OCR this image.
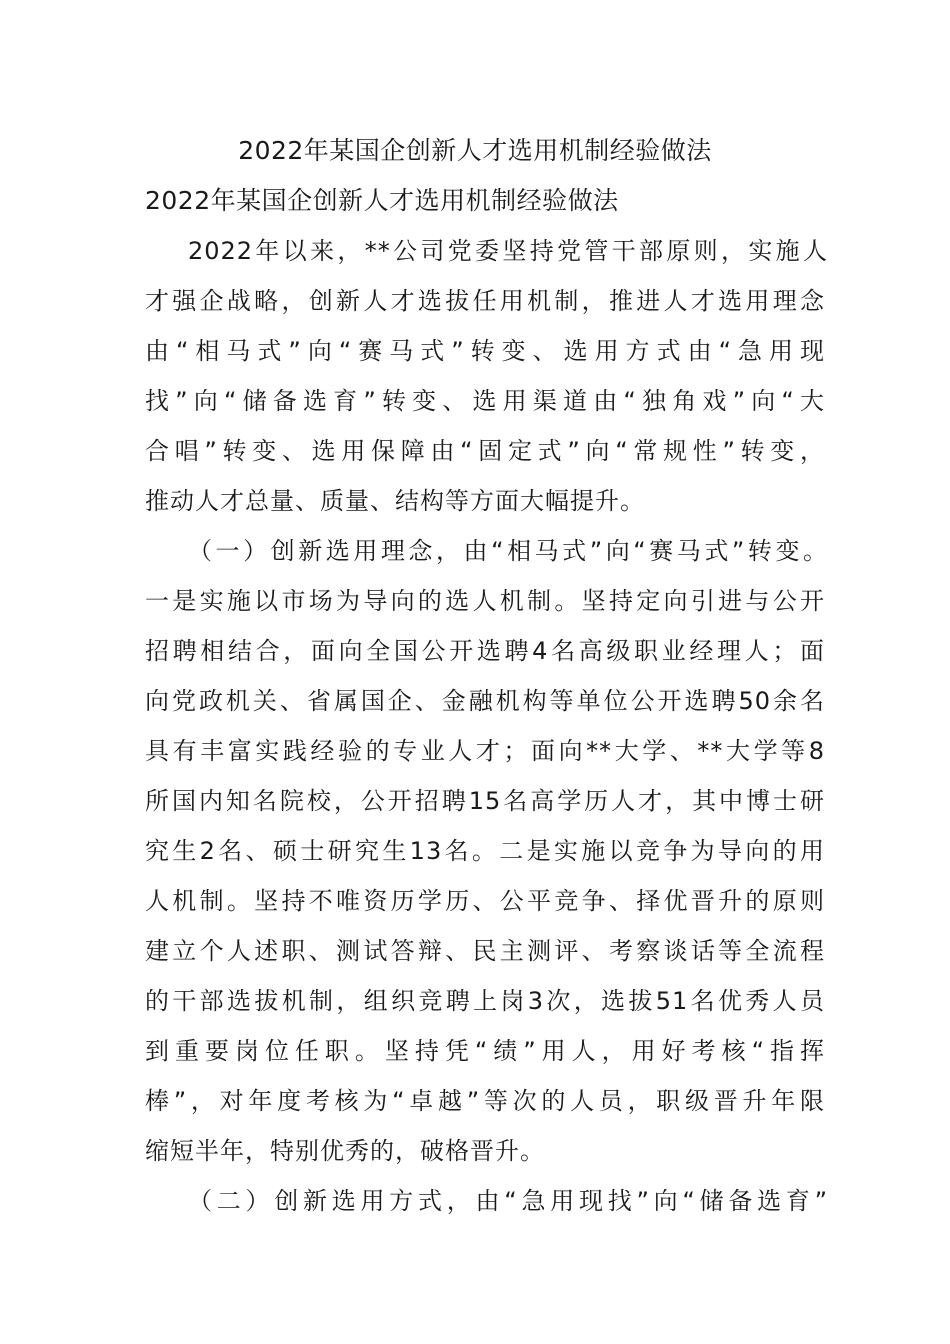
2022年某国企创新人才选用机制经验做法
2022年某国企创新人才选用机制经验做法
2022年以来，**公司党委坚持党管干部原则，实施人
才强企战略，创新人才选拔任用机制，推进人才选用理念
由“相马式”向“赛马式”转变、选用方式由“急用现
找”向“储备选育”转变、选用渠道由“独角戏”向“大
合唱”转变、选用保障由“固定式”向“常规性”转变，
推动人才总量、质量、结构等方面大幅提升。
（一）创新选用理念，由“相马式”向“赛马式”转变。
一是实施以市场为导向的选人机制。坚持定向引进与公开
招聘相结合，面向全国公开选聘4名高级职业经理人；面
向党政机关、省属国企、金融机构等单位公开选聘50余名
具有丰富实践经验的专业人才；面向**大学、**大学等8
所国内知名院校，公开招聘15名高学历人才，其中博士研
究生2名、硕士研究生13名。二是实施以竞争为导向的用
人机制。坚持不唯资历学历、公平竞争、择优晋升的原则
建立个人述职、测试答辩、民主测评、考察谈话等全流程
的干部选拔机制，组织竞聘上岗3次，选拔51名优秀人员
到重要岗位任职。坚持凭“绩”用人，用好考核“指挥
棒”，对年度考核为“卓越”等次的人员，职级晋升年限
缩短半年，特别优秀的，破格晋升。
（二）创新选用方式，由“急用现找”向“储备选育”
